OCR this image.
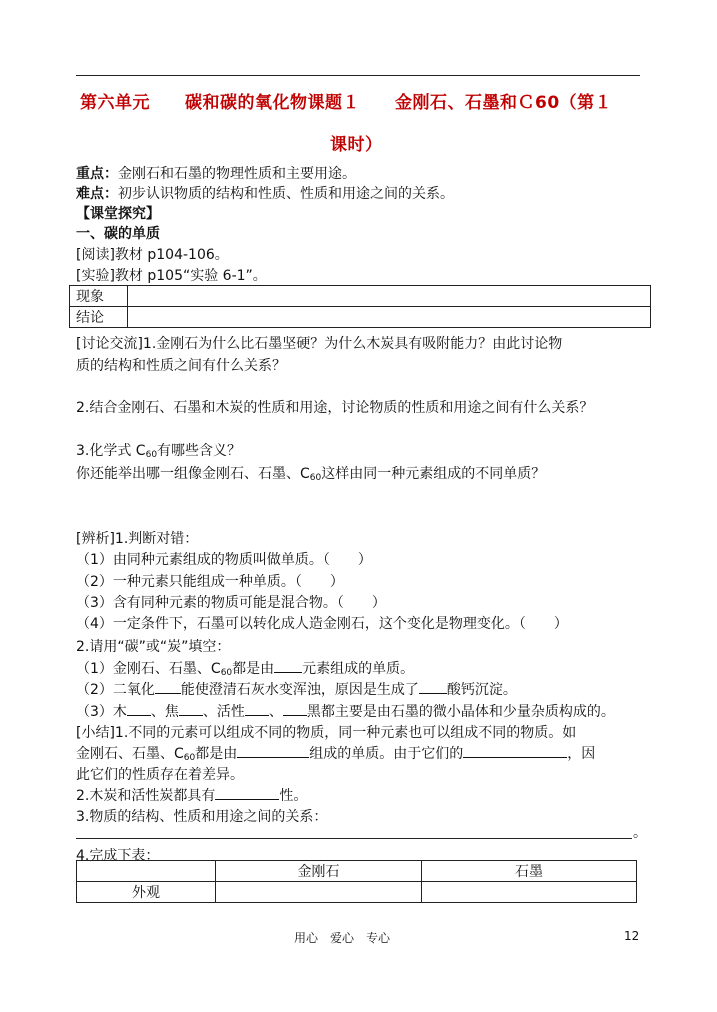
第六单元　　碳和碳的氧化物课题１　　金刚石、石墨和Ｃ60（第１
课时）
重点：金刚石和石墨的物理性质和主要用途。
难点：初步认识物质的结构和性质、性质和用途之间的关系。
【课堂探究】
一、碳的单质
[阅读]教材 p104-106。
[实验]教材 p105“实验 6-1”。
现象	
结论	
[讨论交流]1.金刚石为什么比石墨坚硬？为什么木炭具有吸附能力？由此讨论物
质的结构和性质之间有什么关系？
2.结合金刚石、石墨和木炭的性质和用途，讨论物质的性质和用途之间有什么关系？
3.化学式 $C_{60}$有哪些含义？
你还能举出哪一组像金刚石、石墨、$C_{60}$这样由同一种元素组成的不同单质？
[辨析]1.判断对错：
（1）由同种元素组成的物质叫做单质。（　　）
（2）一种元素只能组成一种单质。（　　）
（3）含有同种元素的物质可能是混合物。（　　）
（4）一定条件下，石墨可以转化成人造金刚石，这个变化是物理变化。（　　）
2.请用“碳”或“炭”填空：
（1）金刚石、石墨、$C_{60}$都是由 元素组成的单质。
（2）二氧化 能使澄清石灰水变浑浊，原因是生成了 酸钙沉淀。
（3）木 、焦 、活性 、 黑都主要是由石墨的微小晶体和少量杂质构成的。
[小结]1.不同的元素可以组成不同的物质，同一种元素也可以组成不同的物质。如
金刚石、石墨、$C_{60}$都是由	组成的单质。由于它们的	，因
此它们的性质存在着差异。
2.木炭和活性炭都具有	性。
3.物质的结构、性质和用途之间的关系：
。
4.完成下表：
	金刚石	石墨
外观		
用心　爱心　专心	12
